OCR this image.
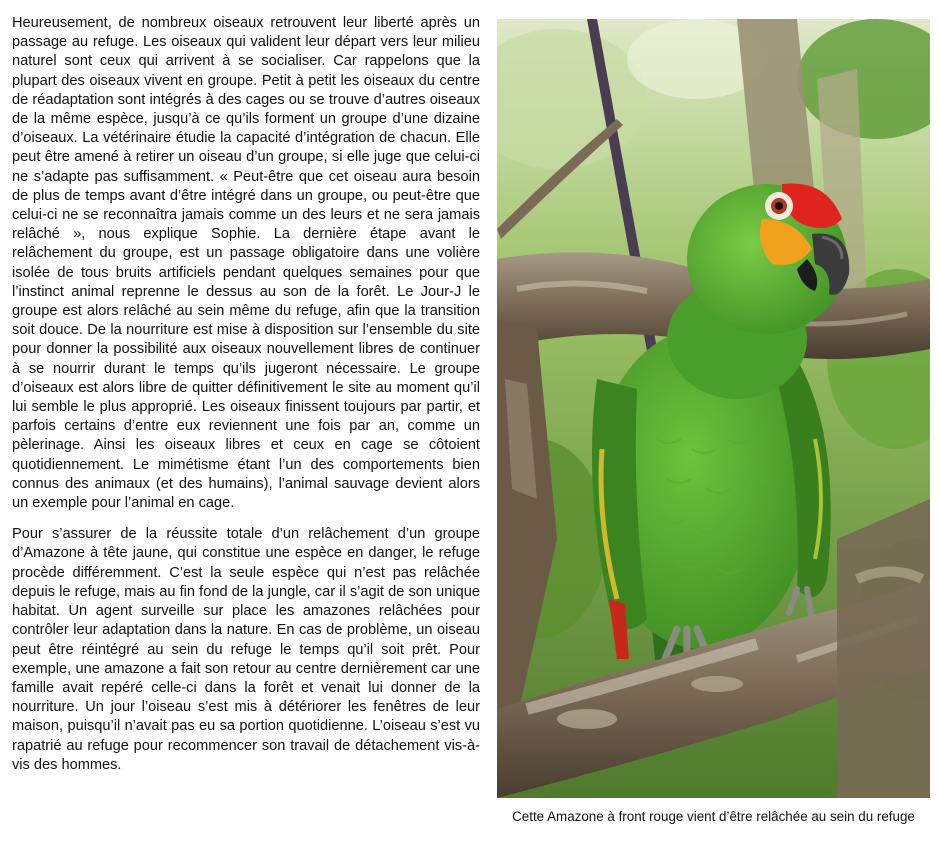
Heureusement, de nombreux oiseaux retrouvent leur liberté après un passage au refuge. Les oiseaux qui valident leur départ vers leur milieu naturel sont ceux qui arrivent à se socialiser. Car rappelons que la plupart des oiseaux vivent en groupe. Petit à petit les oiseaux du centre de réadaptation sont intégrés à des cages ou se trouve d’autres oiseaux de la même espèce, jusqu’à ce qu’ils forment un groupe d’une dizaine d’oiseaux. La vétérinaire étudie la capacité d’intégration de chacun. Elle peut être amené à retirer un oiseau d’un groupe, si elle juge que celui-ci ne s’adapte pas suffisamment. « Peut-être que cet oiseau aura besoin de plus de temps avant d’être intégré dans un groupe, ou peut-être que celui-ci ne se reconnaîtra jamais comme un des leurs et ne sera jamais relâché », nous explique Sophie. La dernière étape avant le relâchement du groupe, est un passage obligatoire dans une volière isolée de tous bruits artificiels pendant quelques semaines pour que l’instinct animal reprenne le dessus au son de la forêt. Le Jour-J le groupe est alors relâché au sein même du refuge, afin que la transition soit douce. De la nourriture est mise à disposition sur l’ensemble du site pour donner la possibilité aux oiseaux nouvellement libres de continuer à se nourrir durant le temps qu’ils jugeront nécessaire. Le groupe d’oiseaux est alors libre de quitter définitivement le site au moment qu’il lui semble le plus approprié. Les oiseaux finissent toujours par partir, et parfois certains d’entre eux reviennent une fois par an, comme un pèlerinage. Ainsi les oiseaux libres et ceux en cage se côtoient quotidiennement. Le mimétisme étant l’un des comportements bien connus des animaux (et des humains), l’animal sauvage devient alors un exemple pour l’animal en cage.

Pour s’assurer de la réussite totale d’un relâchement d’un groupe d’Amazone à tête jaune, qui constitue une espèce en danger, le refuge procède différemment. C’est la seule espèce qui n’est pas relâchée depuis le refuge, mais au fin fond de la jungle, car il s’agit de son unique habitat. Un agent surveille sur place les amazones relâchées pour contrôler leur adaptation dans la nature. En cas de problème, un oiseau peut être réintégré au sein du refuge le temps qu’il soit prêt. Pour exemple, une amazone a fait son retour au centre dernièrement car une famille avait repéré celle-ci dans la forêt et venait lui donner de la nourriture. Un jour l’oiseau s’est mis à détériorer les fenêtres de leur maison, puisqu’il n’avait pas eu sa portion quotidienne. L’oiseau s’est vu rapatrié au refuge pour recommencer son travail de détachement vis-à-vis des hommes.

Cette Amazone à front rouge vient d’être relâchée au sein du refuge
